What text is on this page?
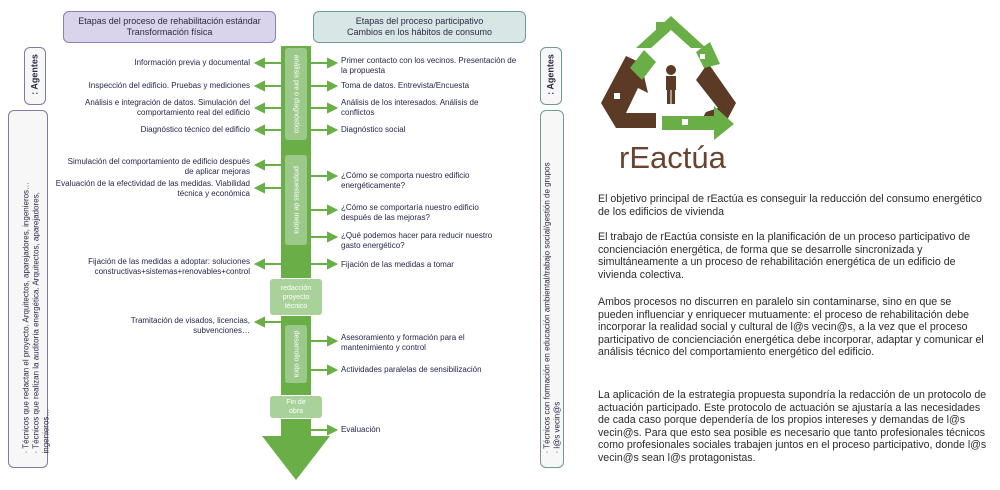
Etapas del proceso de rehabilitación estándar
Transformación física
Etapas del proceso participativo
Cambios en los hábitos de consumo
: Agentes
· Técnicos que redactan el proyecto. Arquitectos, aparejadores, ingenieros… · Técnicos que realizan la auditoría energética. Arquitectos, aparejadores, ingenieros…
: Agentes
· Técnicos con formación en educación ambiental/trabajo social/gestión de grupos · l@s vecin@s
análisis pre o diagnóstico
propuestas de mejora
desarrollo obra
redacción proyecto técnico
Fin de obra
Información previa y documental
Inspección del edificio. Pruebas y mediciones
Análisis e integración de datos. Simulación del comportamiento real del edificio
Diagnóstico técnico del edificio
Simulación del comportamiento de edificio después de aplicar mejoras
Evaluación de la efectividad de las medidas. Viabilidad técnica y económica
Fijación de las medidas a adoptar: soluciones constructivas+sistemas+renovables+control
Tramitación de visados, licencias, subvenciones…
Primer contacto con los vecinos. Presentación de la propuesta
Toma de datos. Entrevista/Encuesta
Análisis de los interesados. Análisis de conflictos
Diagnóstico social
¿Cómo se comporta nuestro edificio energéticamente?
¿Cómo se comportaría nuestro edificio después de las mejoras?
¿Qué podemos hacer para reducir nuestro gasto energético?
Fijación de las medidas a tomar
Asesoramiento y formación para el mantenimiento y control
Actividades paralelas de sensibilización
Evaluación
rEactúa
El objetivo principal de rEactúa es conseguir la reducción del consumo energético de los edificios de vivienda
El trabajo de rEactúa consiste en la planificación de un proceso participativo de concienciación energética, de forma que se desarrolle sincronizada y simultáneamente a un proceso de rehabilitación energética de un edificio de vivienda colectiva.
Ambos procesos no discurren en paralelo sin contaminarse, sino en que se pueden influenciar y enriquecer mutuamente: el proceso de rehabilitación debe incorporar la realidad social y cultural de l@s vecin@s, a la vez que el proceso participativo de concienciación energética debe incorporar, adaptar y comunicar el análisis técnico del comportamiento energético del edificio.
La aplicación de la estrategia propuesta supondría la redacción de un protocolo de actuación participado. Este protocolo de actuación se ajustaría a las necesidades de cada caso porque dependería de los propios intereses y demandas de l@s vecin@s. Para que esto sea posible es necesario que tanto profesionales técnicos como profesionales sociales trabajen juntos en el proceso participativo, donde l@s vecin@s sean l@s protagonistas.
